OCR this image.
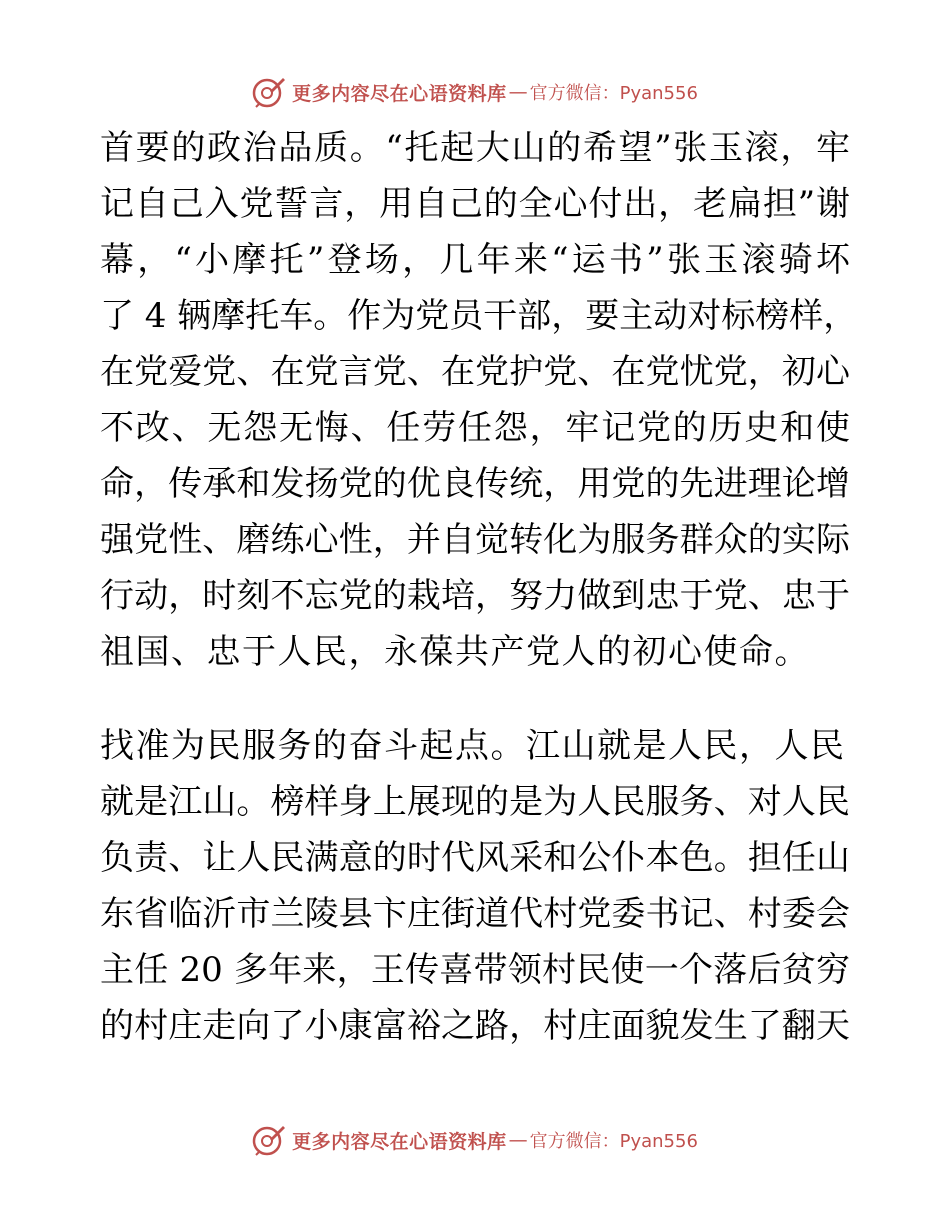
更多内容尽在心语资料库 — 官方微信：Pyan556
首要的政治品质。“托起大山的希望”张玉滚，牢
记自己入党誓言，用自己的全心付出，老扁担”谢
幕，“小摩托”登场，几年来“运书”张玉滚骑坏
了 4 辆摩托车。作为党员干部，要主动对标榜样，
在党爱党、在党言党、在党护党、在党忧党，初心
不改、无怨无悔、任劳任怨，牢记党的历史和使
命，传承和发扬党的优良传统，用党的先进理论增
强党性、磨练心性，并自觉转化为服务群众的实际
行动，时刻不忘党的栽培，努力做到忠于党、忠于
祖国、忠于人民，永葆共产党人的初心使命。
找准为民服务的奋斗起点。江山就是人民，人民
就是江山。榜样身上展现的是为人民服务、对人民
负责、让人民满意的时代风采和公仆本色。担任山
东省临沂市兰陵县卞庄街道代村党委书记、村委会
主任 20 多年来，王传喜带领村民使一个落后贫穷
的村庄走向了小康富裕之路，村庄面貌发生了翻天
更多内容尽在心语资料库 — 官方微信：Pyan556
